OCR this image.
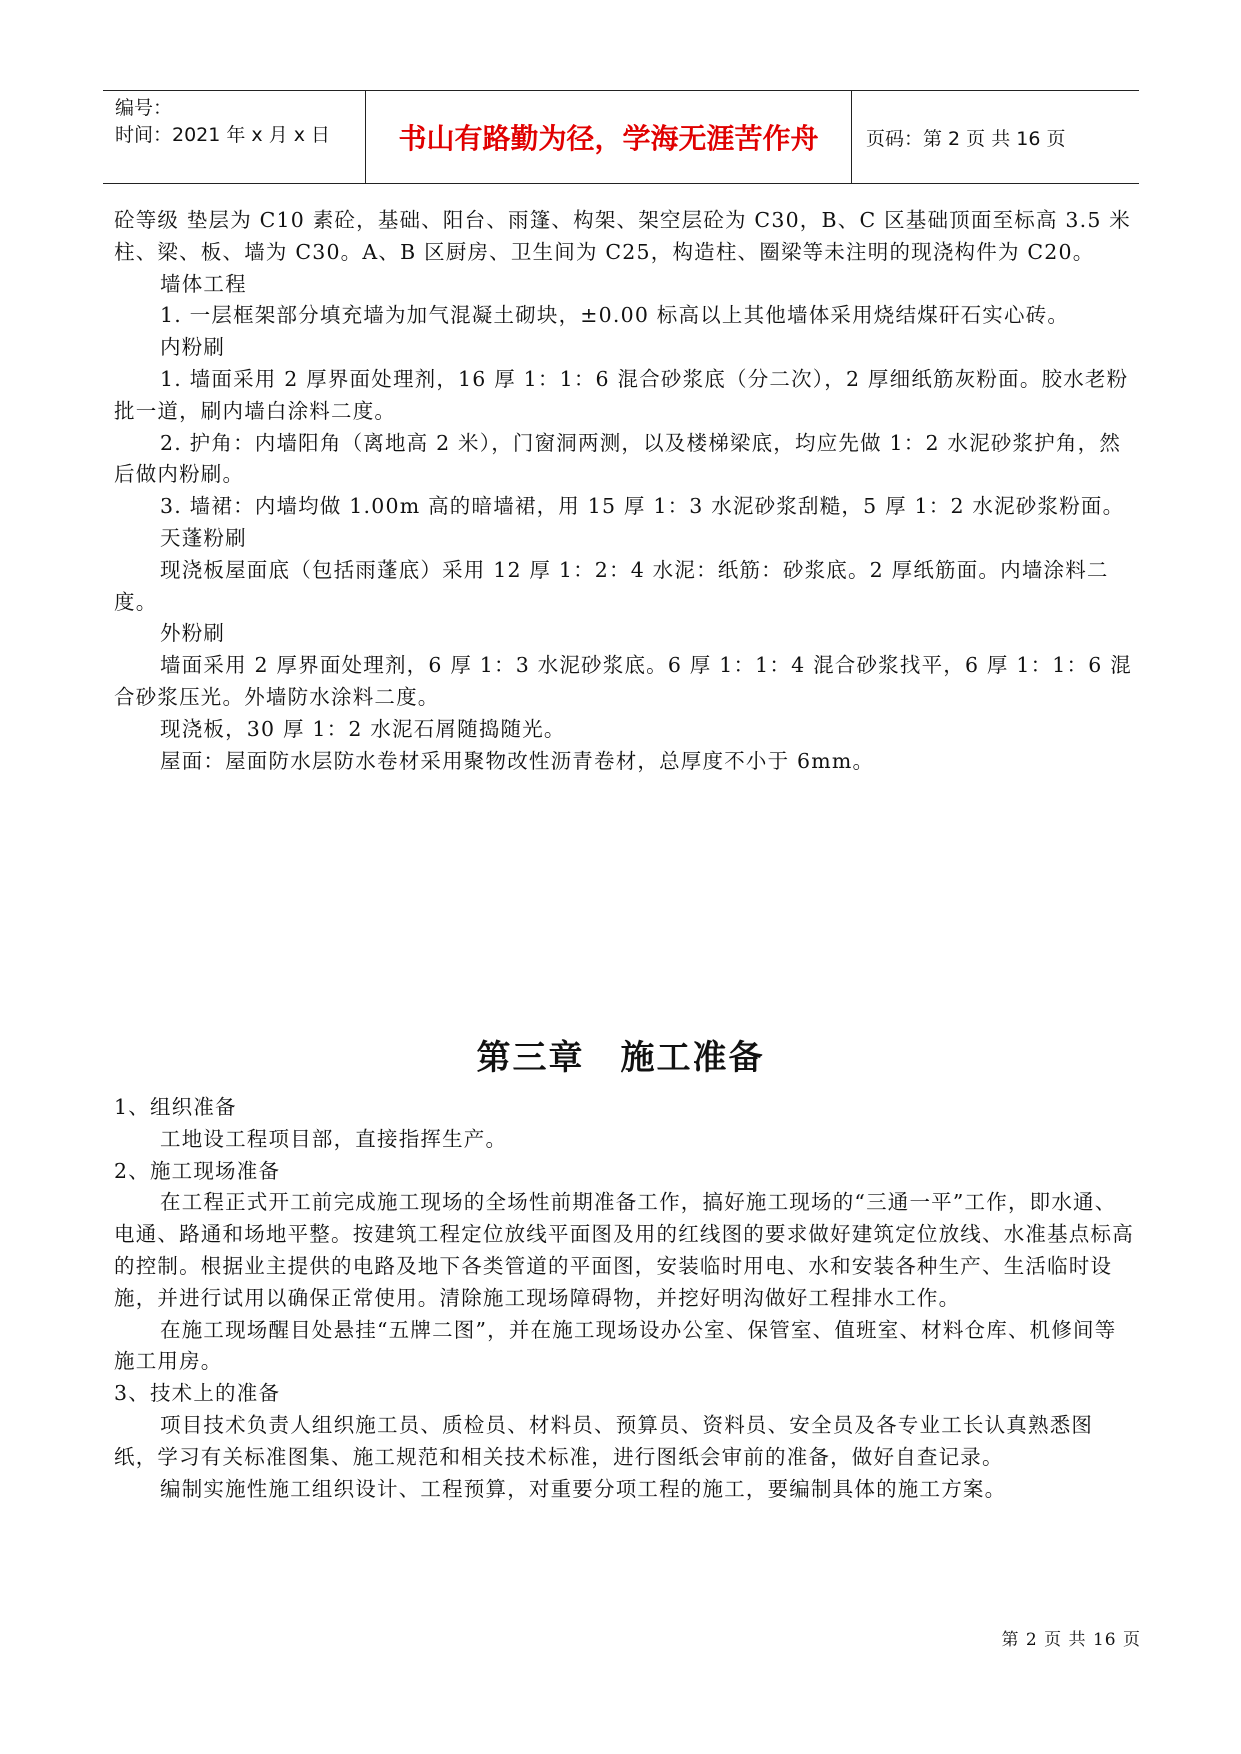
编号：
时间：2021 年 x 月 x 日	书山有路勤为径，学海无涯苦作舟	页码：第 2 页 共 16 页

砼等级 垫层为 C10 素砼，基础、阳台、雨篷、构架、架空层砼为 C30，B、C 区基础顶面至标高 3.5 米柱、梁、板、墙为 C30。A、B 区厨房、卫生间为 C25，构造柱、圈梁等未注明的现浇构件为 C20。

墙体工程

1. 一层框架部分填充墙为加气混凝土砌块，±0.00 标高以上其他墙体采用烧结煤矸石实心砖。

内粉刷

1. 墙面采用 2 厚界面处理剂，16 厚 1：1：6 混合砂浆底（分二次），2 厚细纸筋灰粉面。胶水老粉批一道，刷内墙白涂料二度。

2. 护角：内墙阳角（离地高 2 米），门窗洞两测，以及楼梯梁底，均应先做 1：2 水泥砂浆护角，然后做内粉刷。

3. 墙裙：内墙均做 1.00m 高的暗墙裙，用 15 厚 1：3 水泥砂浆刮糙，5 厚 1：2 水泥砂浆粉面。

天蓬粉刷

现浇板屋面底（包括雨蓬底）采用 12 厚 1：2：4 水泥：纸筋：砂浆底。2 厚纸筋面。内墙涂料二度。

外粉刷

墙面采用 2 厚界面处理剂，6 厚 1：3 水泥砂浆底。6 厚 1：1：4 混合砂浆找平，6 厚 1：1：6 混合砂浆压光。外墙防水涂料二度。

现浇板，30 厚 1：2 水泥石屑随捣随光。

屋面：屋面防水层防水卷材采用聚物改性沥青卷材，总厚度不小于 6mm。

第三章　施工准备

1、组织准备

工地设工程项目部，直接指挥生产。

2、施工现场准备

在工程正式开工前完成施工现场的全场性前期准备工作，搞好施工现场的“三通一平”工作，即水通、电通、路通和场地平整。按建筑工程定位放线平面图及用的红线图的要求做好建筑定位放线、水准基点标高的控制。根据业主提供的电路及地下各类管道的平面图，安装临时用电、水和安装各种生产、生活临时设施，并进行试用以确保正常使用。清除施工现场障碍物，并挖好明沟做好工程排水工作。

在施工现场醒目处悬挂“五牌二图”，并在施工现场设办公室、保管室、值班室、材料仓库、机修间等施工用房。

3、技术上的准备

项目技术负责人组织施工员、质检员、材料员、预算员、资料员、安全员及各专业工长认真熟悉图纸，学习有关标准图集、施工规范和相关技术标准，进行图纸会审前的准备，做好自查记录。

编制实施性施工组织设计、工程预算，对重要分项工程的施工，要编制具体的施工方案。

第 2 页 共 16 页
